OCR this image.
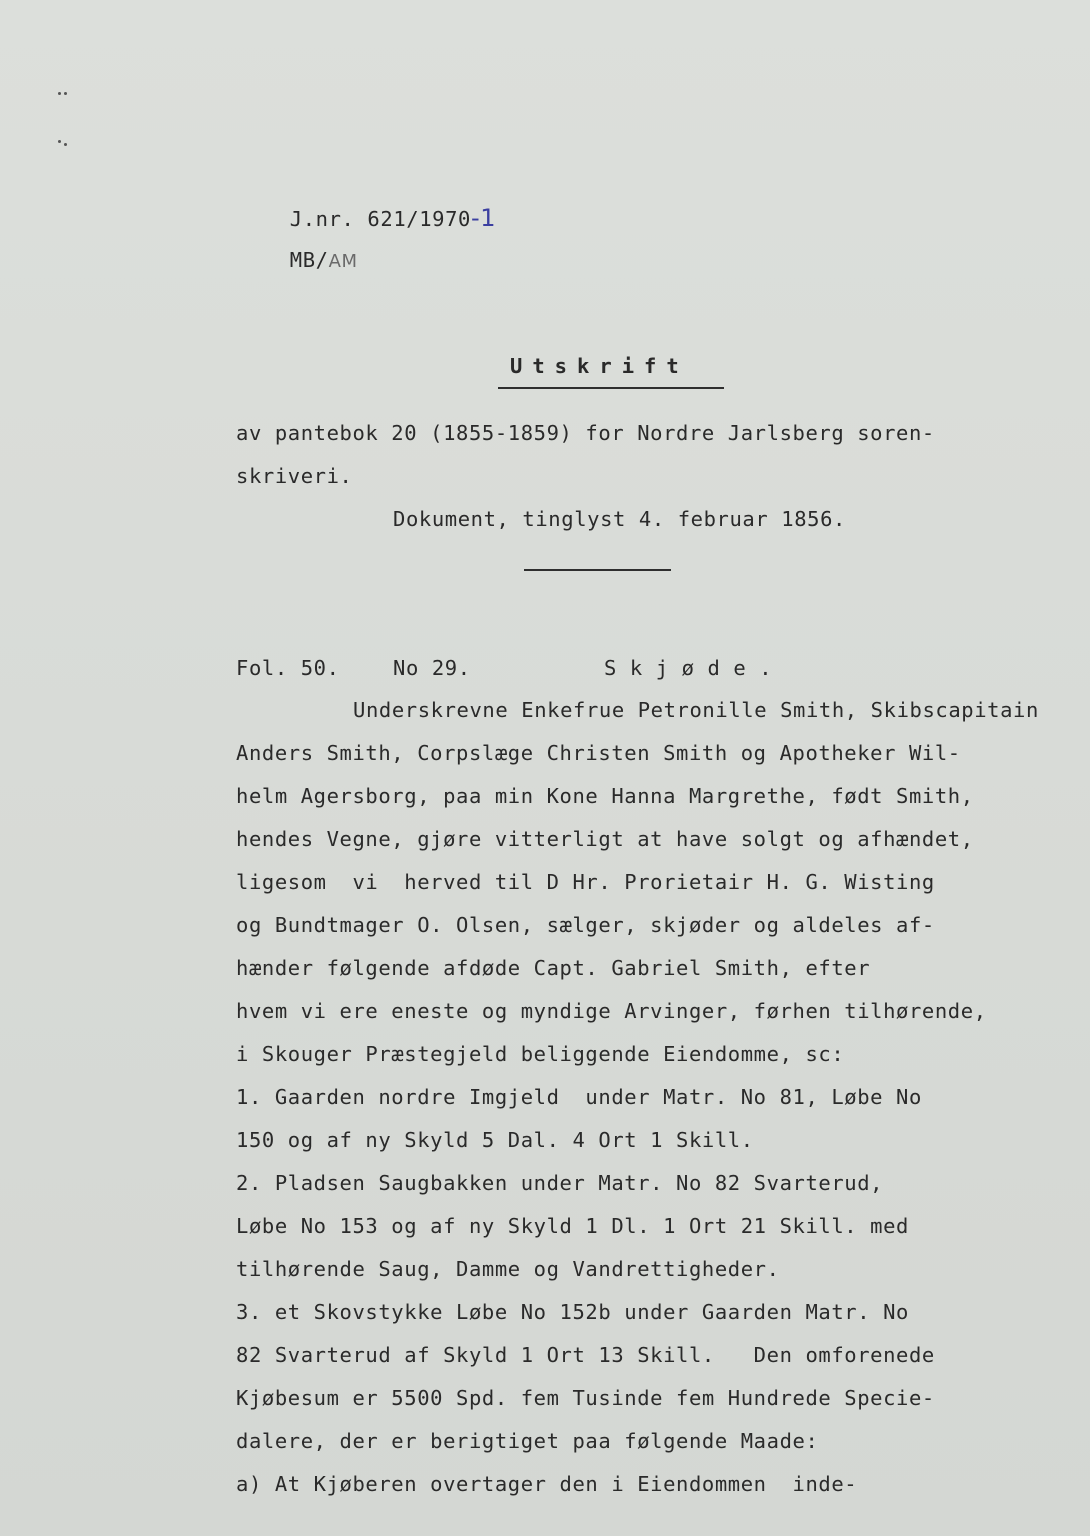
J.nr. 621/1970-1

MB/AM

Utskrift
av pantebok 20 (1855-1859) for Nordre Jarlsberg soren-
skriveri.
Dokument, tinglyst 4. februar 1856.
Fol. 50.	No 29.	S k j ø d e .
Underskrevne Enkefrue Petronille Smith, Skibscapitain
Anders Smith, Corpslæge Christen Smith og Apotheker Wil-
helm Agersborg, paa min Kone Hanna Margrethe, født Smith,
hendes Vegne, gjøre vitterligt at have solgt og afhændet,
ligesom  vi  herved til D Hr. Prorietair H. G. Wisting
og Bundtmager O. Olsen, sælger, skjøder og aldeles af-
hænder følgende afdøde Capt. Gabriel Smith, efter
hvem vi ere eneste og myndige Arvinger, førhen tilhørende,
i Skouger Præstegjeld beliggende Eiendomme, sc:
1. Gaarden nordre Imgjeld  under Matr. No 81, Løbe No
150 og af ny Skyld 5 Dal. 4 Ort 1 Skill.
2. Pladsen Saugbakken under Matr. No 82 Svarterud,
Løbe No 153 og af ny Skyld 1 Dl. 1 Ort 21 Skill. med
tilhørende Saug, Damme og Vandrettigheder.
3. et Skovstykke Løbe No 152b under Gaarden Matr. No
82 Svarterud af Skyld 1 Ort 13 Skill.   Den omforenede
Kjøbesum er 5500 Spd. fem Tusinde fem Hundrede Specie-
dalere, der er berigtiget paa følgende Maade:
a) At Kjøberen overtager den i Eiendommen  inde-
